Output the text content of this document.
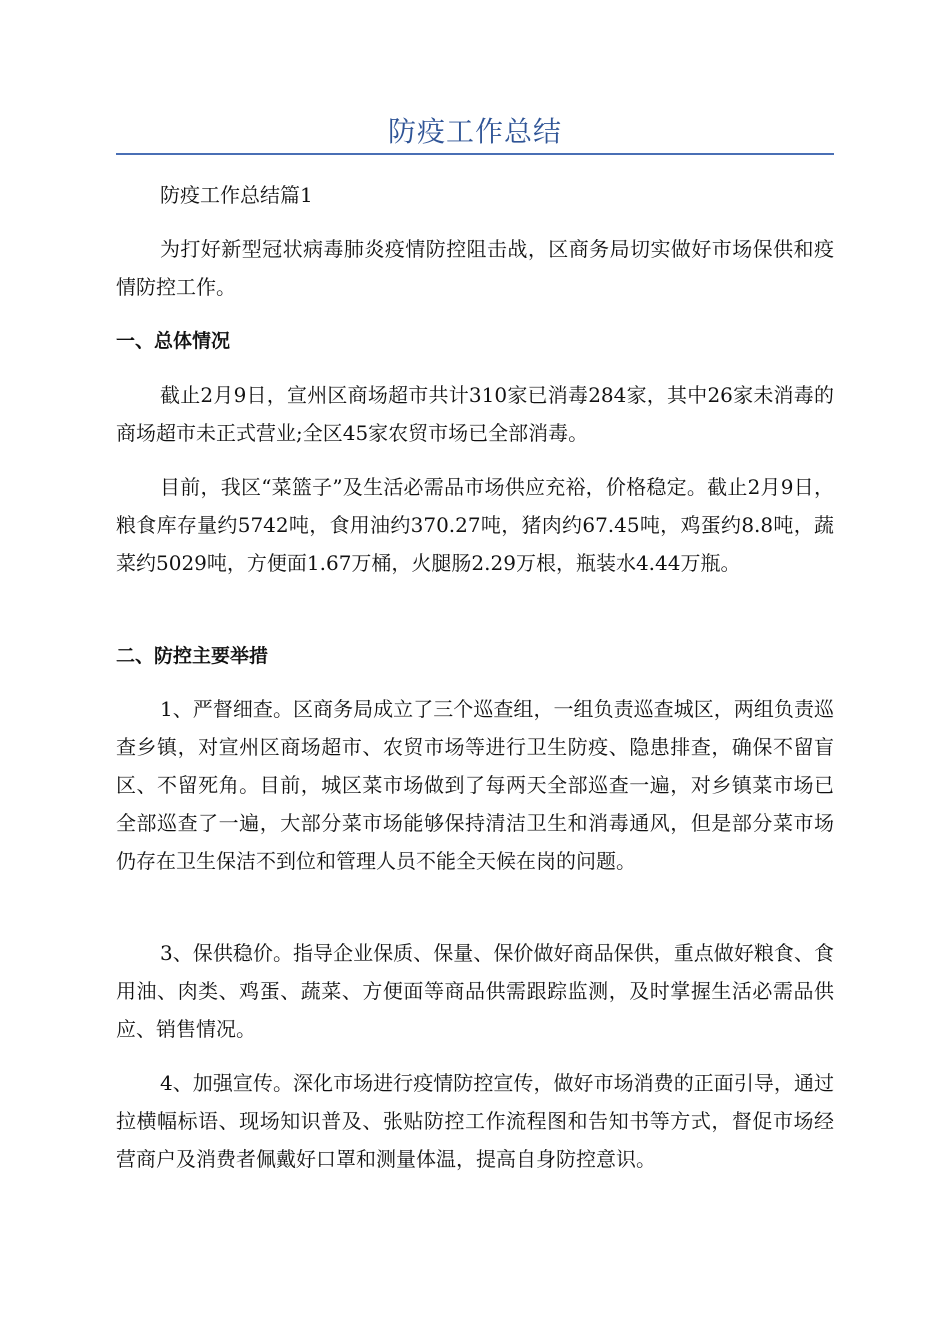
防疫工作总结

防疫工作总结篇1

为打好新型冠状病毒肺炎疫情防控阻击战，区商务局切实做好市场保供和疫情防控工作。

一、总体情况

截止2月9日，宣州区商场超市共计310家已消毒284家，其中26家未消毒的商场超市未正式营业;全区45家农贸市场已全部消毒。

目前，我区“菜篮子”及生活必需品市场供应充裕，价格稳定。截止2月9日，粮食库存量约5742吨，食用油约370.27吨，猪肉约67.45吨，鸡蛋约8.8吨，蔬菜约5029吨，方便面1.67万桶，火腿肠2.29万根，瓶装水4.44万瓶。

二、防控主要举措

1、严督细查。区商务局成立了三个巡查组，一组负责巡查城区，两组负责巡查乡镇，对宣州区商场超市、农贸市场等进行卫生防疫、隐患排查，确保不留盲区、不留死角。目前，城区菜市场做到了每两天全部巡查一遍，对乡镇菜市场已全部巡查了一遍，大部分菜市场能够保持清洁卫生和消毒通风，但是部分菜市场仍存在卫生保洁不到位和管理人员不能全天候在岗的问题。

3、保供稳价。指导企业保质、保量、保价做好商品保供，重点做好粮食、食用油、肉类、鸡蛋、蔬菜、方便面等商品供需跟踪监测，及时掌握生活必需品供应、销售情况。

4、加强宣传。深化市场进行疫情防控宣传，做好市场消费的正面引导，通过拉横幅标语、现场知识普及、张贴防控工作流程图和告知书等方式，督促市场经营商户及消费者佩戴好口罩和测量体温，提高自身防控意识。
